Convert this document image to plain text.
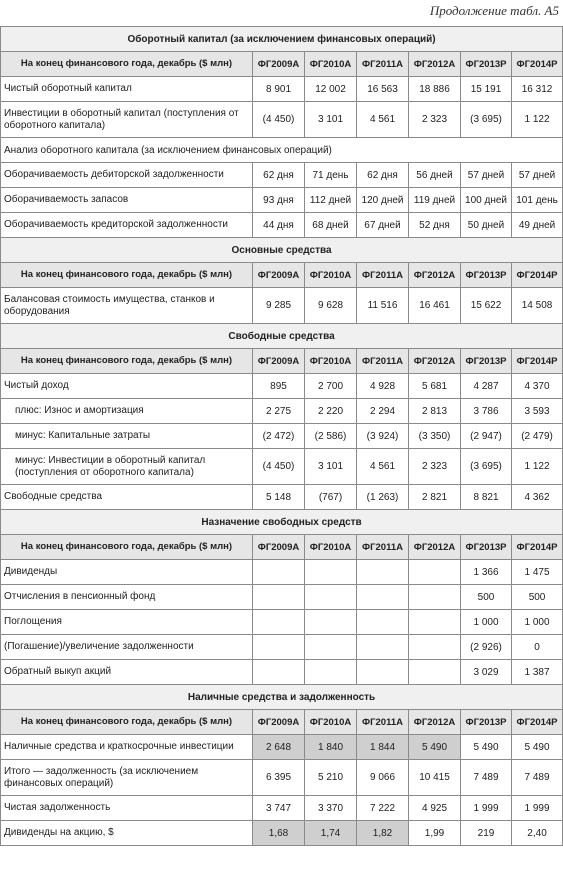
Продолжение табл. А5
Оборотный капитал (за исключением финансовых операций)						
На конец финансового года, декабрь ($ млн)	ФГ2009А	ФГ2010А	ФГ2011А	ФГ2012А	ФГ2013Р	ФГ2014Р
Чистый оборотный капитал	8 901	12 002	16 563	18 886	15 191	16 312
Инвестиции в оборотный капитал (поступления от оборотного капитала)	(4 450)	3 101	4 561	2 323	(3 695)	1 122
Анализ оборотного капитала (за исключением финансовых операций)						
Оборачиваемость дебиторской задолженности	62 дня	71 день	62 дня	56 дней	57 дней	57 дней
Оборачиваемость запасов	93 дня	112 дней	120 дней	119 дней	100 дней	101 день
Оборачиваемость кредиторской задолженности	44 дня	68 дней	67 дней	52 дня	50 дней	49 дней
Основные средства						
На конец финансового года, декабрь ($ млн)	ФГ2009А	ФГ2010А	ФГ2011А	ФГ2012А	ФГ2013Р	ФГ2014Р
Балансовая стоимость имущества, станков и оборудования	9 285	9 628	11 516	16 461	15 622	14 508
Свободные средства						
На конец финансового года, декабрь ($ млн)	ФГ2009А	ФГ2010А	ФГ2011А	ФГ2012А	ФГ2013Р	ФГ2014Р
Чистый доход	895	2 700	4 928	5 681	4 287	4 370
плюс: Износ и амортизация	2 275	2 220	2 294	2 813	3 786	3 593
минус: Капитальные затраты	(2 472)	(2 586)	(3 924)	(3 350)	(2 947)	(2 479)
минус: Инвестиции в оборотный капитал (поступления от оборотного капитала)	(4 450)	3 101	4 561	2 323	(3 695)	1 122
Свободные средства	5 148	(767)	(1 263)	2 821	8 821	4 362
Назначение свободных средств						
На конец финансового года, декабрь ($ млн)	ФГ2009А	ФГ2010А	ФГ2011А	ФГ2012А	ФГ2013Р	ФГ2014Р
Дивиденды					1 366	1 475
Отчисления в пенсионный фонд					500	500
Поглощения					1 000	1 000
(Погашение)/увеличение задолженности					(2 926)	0
Обратный выкуп акций					3 029	1 387
Наличные средства и задолженность						
На конец финансового года, декабрь ($ млн)	ФГ2009А	ФГ2010А	ФГ2011А	ФГ2012А	ФГ2013Р	ФГ2014Р
Наличные средства и краткосрочные инвестиции	2 648	1 840	1 844	5 490	5 490	5 490
Итого — задолженность (за исключением финансовых операций)	6 395	5 210	9 066	10 415	7 489	7 489
Чистая задолженность	3 747	3 370	7 222	4 925	1 999	1 999
Дивиденды на акцию, $	1,68	1,74	1,82	1,99	219	2,40
